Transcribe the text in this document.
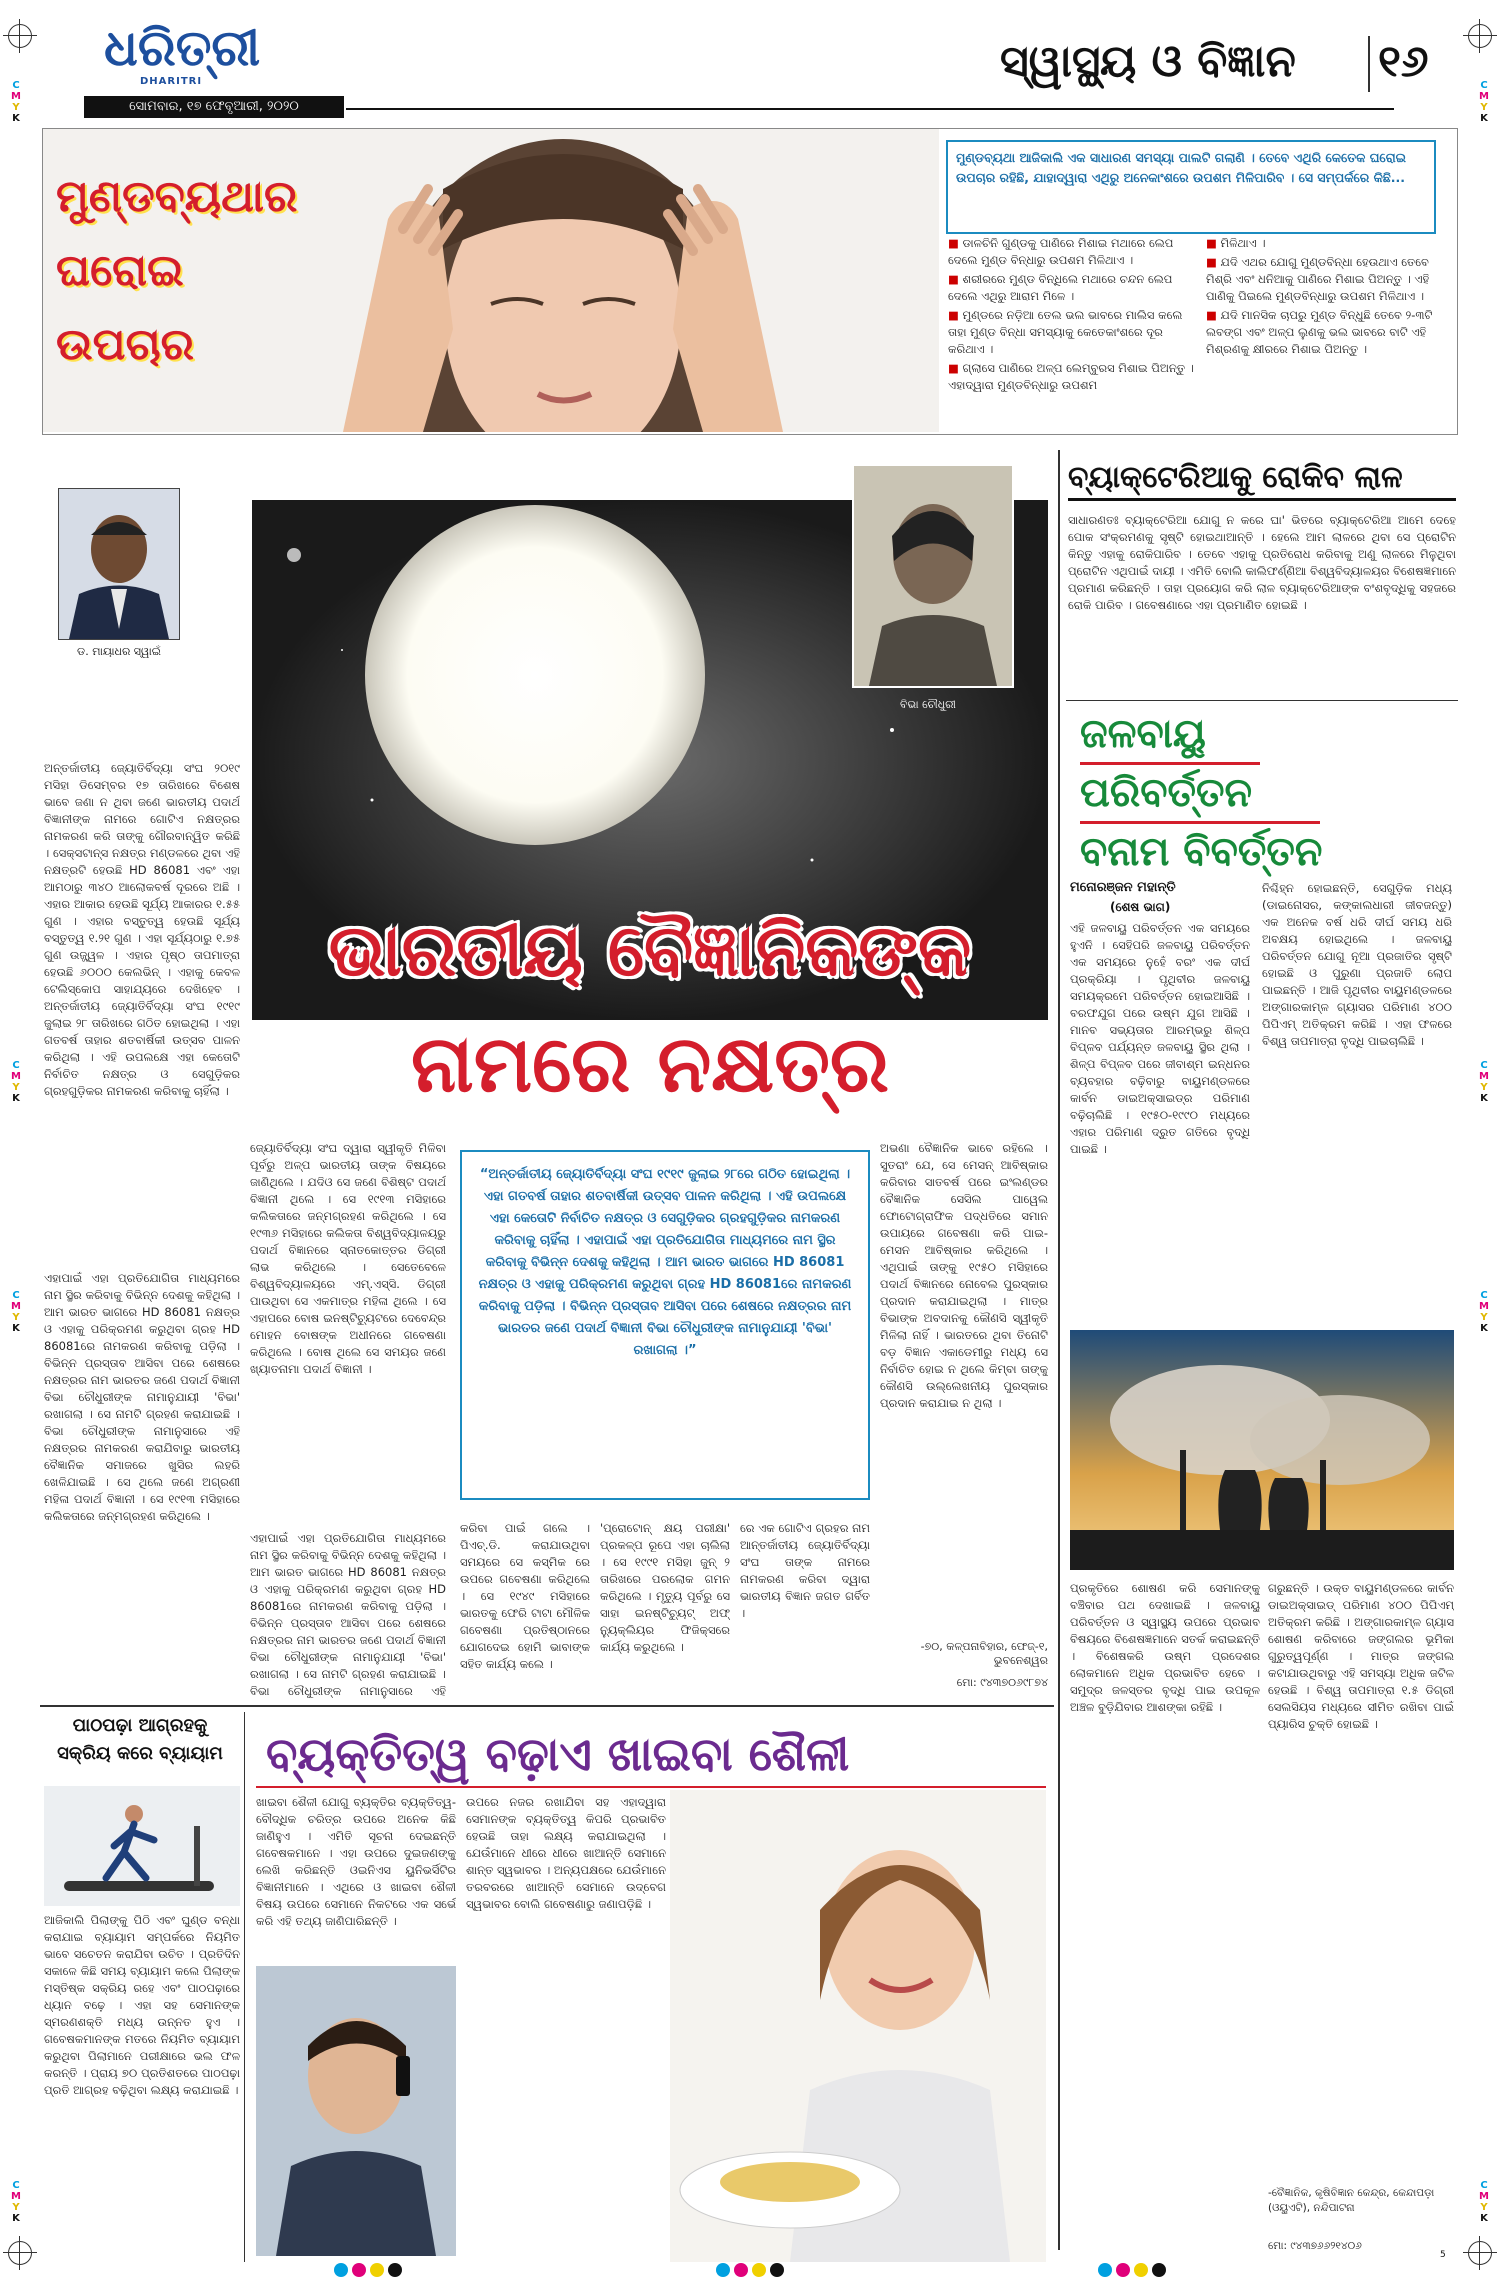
C
M
Y
K
C
M
Y
K
C
M
Y
K
C
M
Y
K
C
M
Y
K
C
M
Y
K
C
M
Y
K
C
M
Y
K
ଧରିତ୍ରୀ
DHARITRI
ସୋମବାର, ୧୭ ଫେବୃଆରୀ, ୨୦୨୦
ସ୍ୱାସ୍ଥ୍ୟ ଓ ବିଜ୍ଞାନ ୧୬
ମୁଣ୍ଡବ୍ୟଥାର
ଘରୋଇ
ଉପଚାର
ମୁଣ୍ଡବ୍ୟଥା ଆଜିକାଲି ଏକ ସାଧାରଣ ସମସ୍ୟା ପାଲଟି ଗଲାଣି । ତେବେ ଏଥିରି କେତେକ ଘରୋଇ ଉପଚାର ରହିଛି, ଯାହାଦ୍ୱାରା ଏଥିରୁ ଅନେକାଂଶରେ ଉପଶମ ମିଳିପାରିବ । ସେ ସମ୍ପର୍କରେ କିଛି...
■ ଡାଳଚିନି ଗୁଣ୍ଡକୁ ପାଣିରେ ମିଶାଇ ମଥାରେ ଲେପ ଦେଲେ ମୁଣ୍ଡ ବିନ୍ଧାରୁ ଉପଶମ ମିଳିଥାଏ ।
■ ଶରୀରରେ ମୁଣ୍ଡ ବିନ୍ଧିଲେ ମଥାରେ ଚନ୍ଦନ ଲେପ ଦେଲେ ଏଥିରୁ ଆରାମ ମିଳେ ।
■ ମୁଣ୍ଡରେ ନଡ଼ିଆ ତେଲ ଭଲ ଭାବରେ ମାଲିସ କଲେ ତାହା ମୁଣ୍ଡ ବିନ୍ଧା ସମସ୍ୟାକୁ କେତେକାଂଶରେ ଦୂର କରିଥାଏ ।
■ ଗ୍ଲାସେ ପାଣିରେ ଅଳ୍ପ ଲେମ୍ବୁରସ ମିଶାଇ ପିଅନ୍ତୁ । ଏହାଦ୍ୱାରା ମୁଣ୍ଡବିନ୍ଧାରୁ ଉପଶମ
■ ମିଳିଥାଏ ।
■ ଯଦି ଏଥର ଯୋଗୁ ମୁଣ୍ଡବିନ୍ଧା ହେଉଥାଏ ତେବେ ମିଶ୍ରି ଏବଂ ଧନିଆକୁ ପାଣିରେ ମିଶାଇ ପିଅନ୍ତୁ । ଏହି ପାଣିକୁ ପିଇଲେ ମୁଣ୍ଡବିନ୍ଧାରୁ ଉପଶମ ମିଳିଥାଏ ।
■ ଯଦି ମାନସିକ ଚାପରୁ ମୁଣ୍ଡ ବିନ୍ଧୁଛି ତେବେ ୨-୩ଟି ଲବଙ୍ଗ ଏବଂ ଅଳ୍ପ ଲୁଣକୁ ଭଲ ଭାବରେ ବାଟି ଏହି ମିଶ୍ରଣକୁ କ୍ଷୀରରେ ମିଶାଇ ପିଅନ୍ତୁ ।
ଡ. ମାୟାଧର ସ୍ୱାଇଁ
ବିଭା ଚୌଧୁରୀ
ଭାରତୀୟ ବୈଜ୍ଞାନିକଙ୍କ
ନାମରେ ନକ୍ଷତ୍ର
ଅନ୍ତର୍ଜାତୀୟ ଜ୍ୟୋତିର୍ବିଦ୍ୟା ସଂଘ ୨୦୧୯ ମସିହା ଡିସେମ୍ବର ୧୭ ତାରିଖରେ ବିଶେଷ ଭାବେ ଜଣା ନ ଥିବା ଜଣେ ଭାରତୀୟ ପଦାର୍ଥ ବିଜ୍ଞାନୀଙ୍କ ନାମରେ ଗୋଟିଏ ନକ୍ଷତ୍ରର ନାମକରଣ କରି ତାଙ୍କୁ ଗୌରବାନ୍ୱିତ କରିଛି । ସେକ୍ସଟାନ୍ସ ନକ୍ଷତ୍ର ମଣ୍ଡଳରେ ଥିବା ଏହି ନକ୍ଷତ୍ରଟି ହେଉଛି HD 86081 ଏବଂ ଏହା ଆମଠାରୁ ୩୪୦ ଆଲୋକବର୍ଷ ଦୂରରେ ଅଛି । ଏହାର ଆକାର ହେଉଛି ସୂର୍ଯ୍ୟ ଆକାରର ୧.୫୫ ଗୁଣ । ଏହାର ବସ୍ତୁତ୍ୱ ହେଉଛି ସୂର୍ଯ୍ୟ ବସ୍ତୁତ୍ୱ ୧.୨୧ ଗୁଣ । ଏହା ସୂର୍ଯ୍ୟଠାରୁ ୧.୭୫ ଗୁଣ ଉଜ୍ଜ୍ୱଳ । ଏହାର ପୃଷ୍ଠ ତାପମାତ୍ରା ହେଉଛି ୬୦୦୦ କେଲଭିନ୍ । ଏହାକୁ କେବଳ ଟେଲିସ୍କୋପ ସାହାଯ୍ୟରେ ଦେଖିହେବ । ଅନ୍ତର୍ଜାତୀୟ ଜ୍ୟୋତିର୍ବିଦ୍ୟା ସଂଘ ୧୯୧୯ ଜୁଲାଇ ୨୮ ତାରିଖରେ ଗଠିତ ହୋଇଥିଲା । ଏହା ଗତବର୍ଷ ତାହାର ଶତବାର୍ଷିକୀ ଉତ୍ସବ ପାଳନ କରିଥିଲା । ଏହି ଉପଲକ୍ଷେ ଏହା କେତୋଟି ନିର୍ବାଚିତ ନକ୍ଷତ୍ର ଓ ସେଗୁଡ଼ିକର ଗ୍ରହଗୁଡ଼ିକର ନାମକରଣ କରିବାକୁ ଚାହିଁଲା ।
ଏହାପାଇଁ ଏହା ପ୍ରତିଯୋଗିତା ମାଧ୍ୟମରେ ନାମ ସ୍ଥିର କରିବାକୁ ବିଭିନ୍ନ ଦେଶକୁ କହିଥିଲା । ଆମ ଭାରତ ଭାଗରେ HD 86081 ନକ୍ଷତ୍ର ଓ ଏହାକୁ ପରିକ୍ରମଣ କରୁଥିବା ଗ୍ରହ HD 86081ରେ ନାମକରଣ କରିବାକୁ ପଡ଼ିଲା । ବିଭିନ୍ନ ପ୍ରସ୍ତାବ ଆସିବା ପରେ ଶେଷରେ ନକ୍ଷତ୍ରର ନାମ ଭାରତର ଜଣେ ପଦାର୍ଥ ବିଜ୍ଞାନୀ ବିଭା ଚୌଧୁରୀଙ୍କ ନାମାନୁଯାୟୀ 'ବିଭା' ରଖାଗଲା । ସେ ନାମଟି ଗ୍ରହଣ କରାଯାଇଛି । ବିଭା ଚୌଧୁରୀଙ୍କ ନାମାନୁସାରେ ଏହି ନକ୍ଷତ୍ରର ନାମକରଣ କରାଯିବାରୁ ଭାରତୀୟ ବୈଜ୍ଞାନିକ ସମାଜରେ ଖୁସିର ଲହରି ଖେଳିଯାଇଛି । ସେ ଥିଲେ ଜଣେ ଅଗ୍ରଣୀ ମହିଳା ପଦାର୍ଥ ବିଜ୍ଞାନୀ । ସେ ୧୯୧୩ ମସିହାରେ କଲିକତାରେ ଜନ୍ମଗ୍ରହଣ କରିଥିଲେ ।
ଜ୍ୟୋତିର୍ବିଦ୍ୟା ସଂଘ ଦ୍ୱାରା ସ୍ୱୀକୃତି ମିଳିବା ପୂର୍ବରୁ ଅଳ୍ପ ଭାରତୀୟ ତାଙ୍କ ବିଷୟରେ ଜାଣିଥିଲେ । ଯଦିଓ ସେ ଜଣେ ବିଶିଷ୍ଟ ପଦାର୍ଥ ବିଜ୍ଞାନୀ ଥିଲେ । ସେ ୧୯୧୩ ମସିହାରେ କଲିକତାରେ ଜନ୍ମଗ୍ରହଣ କରିଥିଲେ । ସେ ୧୯୩୬ ମସିହାରେ କଲିକତା ବିଶ୍ୱବିଦ୍ୟାଳୟରୁ ପଦାର୍ଥ ବିଜ୍ଞାନରେ ସ୍ନାତକୋତ୍ତର ଡିଗ୍ରୀ ଲାଭ କରିଥିଲେ । ସେତେବେଳେ ବିଶ୍ୱବିଦ୍ୟାଳୟରେ ଏମ୍.ଏସ୍‌ସି. ଡିଗ୍ରୀ ପାଉଥିବା ସେ ଏକମାତ୍ର ମହିଳା ଥିଲେ । ସେ ଏହାପରେ ବୋଷ ଇନଷ୍ଟିଚ୍ୟୁଟରେ ଦେବେନ୍ଦ୍ର ମୋହନ ବୋଷଙ୍କ ଅଧୀନରେ ଗବେଷଣା କରିଥିଲେ । ବୋଷ ଥିଲେ ସେ ସମୟର ଜଣେ ଖ୍ୟାତନାମା ପଦାର୍ଥ ବିଜ୍ଞାନୀ ।
ଏହାପାଇଁ ଏହା ପ୍ରତିଯୋଗିତା ମାଧ୍ୟମରେ ନାମ ସ୍ଥିର କରିବାକୁ ବିଭିନ୍ନ ଦେଶକୁ କହିଥିଲା । ଆମ ଭାରତ ଭାଗରେ HD 86081 ନକ୍ଷତ୍ର ଓ ଏହାକୁ ପରିକ୍ରମଣ କରୁଥିବା ଗ୍ରହ HD 86081ରେ ନାମକରଣ କରିବାକୁ ପଡ଼ିଲା । ବିଭିନ୍ନ ପ୍ରସ୍ତାବ ଆସିବା ପରେ ଶେଷରେ ନକ୍ଷତ୍ରର ନାମ ଭାରତର ଜଣେ ପଦାର୍ଥ ବିଜ୍ଞାନୀ ବିଭା ଚୌଧୁରୀଙ୍କ ନାମାନୁଯାୟୀ 'ବିଭା' ରଖାଗଲା । ସେ ନାମଟି ଗ୍ରହଣ କରାଯାଇଛି । ବିଭା ଚୌଧୁରୀଙ୍କ ନାମାନୁସାରେ ଏହି
“ଅନ୍ତର୍ଜାତୀୟ ଜ୍ୟୋତିର୍ବିଦ୍ୟା ସଂଘ ୧୯୧୯ ଜୁଲାଇ ୨୮ରେ ଗଠିତ ହୋଇଥିଲା । ଏହା ଗତବର୍ଷ ତାହାର ଶତବାର୍ଷିକୀ ଉତ୍ସବ ପାଳନ କରିଥିଲା । ଏହି ଉପଲକ୍ଷେ ଏହା କେତୋଟି ନିର୍ବାଚିତ ନକ୍ଷତ୍ର ଓ ସେଗୁଡ଼ିକର ଗ୍ରହଗୁଡ଼ିକର ନାମକରଣ କରିବାକୁ ଚାହିଁଲା । ଏହାପାଇଁ ଏହା ପ୍ରତିଯୋଗିତା ମାଧ୍ୟମରେ ନାମ ସ୍ଥିର କରିବାକୁ ବିଭିନ୍ନ ଦେଶକୁ କହିଥିଲା । ଆମ ଭାରତ ଭାଗରେ HD 86081 ନକ୍ଷତ୍ର ଓ ଏହାକୁ ପରିକ୍ରମଣ କରୁଥିବା ଗ୍ରହ HD 86081ରେ ନାମକରଣ କରିବାକୁ ପଡ଼ିଲା । ବିଭିନ୍ନ ପ୍ରସ୍ତାବ ଆସିବା ପରେ ଶେଷରେ ନକ୍ଷତ୍ରର ନାମ ଭାରତର ଜଣେ ପଦାର୍ଥ ବିଜ୍ଞାନୀ ବିଭା ଚୌଧୁରୀଙ୍କ ନାମାନୁଯାୟୀ 'ବିଭା' ରଖାଗଲା ।”
ଅଭଣା ବୈଜ୍ଞାନିକ ଭାବେ ରହିଲେ । ସୁତରାଂ ଯେ, ସେ ମେସନ୍ ଆବିଷ୍କାର କରିବାର ସାତବର୍ଷ ପରେ ଇଂଲଣ୍ଡର ବୈଜ୍ଞାନିକ ସେସିଲ ପାୱେଲ ଫୋଟୋଗ୍ରାଫିକ ପଦ୍ଧତିରେ ସମାନ ଉପାୟରେ ଗବେଷଣା କରି ପାଇ-ମେସନ ଆବିଷ୍କାର କରିଥିଲେ । ଏଥିପାଇଁ ତାଙ୍କୁ ୧୯୫୦ ମସିହାରେ ପଦାର୍ଥ ବିଜ୍ଞାନରେ ନୋବେଲ ପୁରସ୍କାର ପ୍ରଦାନ କରାଯାଇଥିଲା । ମାତ୍ର ବିଭାଙ୍କ ଅବଦାନକୁ କୌଣସି ସ୍ୱୀକୃତି ମିଳିଲା ନାହିଁ । ଭାରତରେ ଥିବା ତିନୋଟି ବଡ଼ ବିଜ୍ଞାନ ଏକାଡେମୀରୁ ମଧ୍ୟ ସେ ନିର୍ବାଚିତ ହୋଇ ନ ଥିଲେ କିମ୍ବା ତାଙ୍କୁ କୌଣସି ଉଲ୍ଲେଖନୀୟ ପୁରସ୍କାର ପ୍ରଦାନ କରାଯାଇ ନ ଥିଲା ।
କରିବା ପାଇଁ ଗଲେ । ପିଏଚ୍.ଡି. କରାଯାଉଥିବା ସମୟରେ ସେ କସ୍ମିକ ରେ ଉପରେ ଗବେଷଣା କରିଥିଲେ । ସେ ୧୯୪୯ ମସିହାରେ ଭାରତକୁ ଫେରି ଟାଟା ମୌଳିକ ଗବେଷଣା ପ୍ରତିଷ୍ଠାନରେ ଯୋଗଦେଇ ହୋମି ଭାବାଙ୍କ ସହିତ କାର୍ଯ୍ୟ କଲେ ।
'ପ୍ରୋଟୋନ୍ କ୍ଷୟ ପରୀକ୍ଷା' ପ୍ରକଳ୍ପ ରୂପେ ଏହା ଚାଲିଲା । ସେ ୧୯୯୧ ମସିହା ଜୁନ୍ ୨ ତାରିଖରେ ପରଲୋକ ଗମନ କରିଥିଲେ । ମୃତ୍ୟୁ ପୂର୍ବରୁ ସେ ସାହା ଇନଷ୍ଟିଚ୍ୟୁଟ୍ ଅଫ୍ ନ୍ୟୁକ୍ଲିୟର ଫିଜିକ୍ସରେ କାର୍ଯ୍ୟ କରୁଥିଲେ ।
ରେ ଏକ ଗୋଟିଏ ଗ୍ରହର ନାମ ଆନ୍ତର୍ଜାତୀୟ ଜ୍ୟୋତିର୍ବିଦ୍ୟା ସଂଘ ତାଙ୍କ ନାମରେ ନାମକରଣ କରିବା ଦ୍ୱାରା ଭାରତୀୟ ବିଜ୍ଞାନ ଜଗତ ଗର୍ବିତ ।
-୭୦, କଳ୍ପନାବିହାର, ଫେଜ୍-୧, ଭୁବନେଶ୍ୱର
ମୋ: ୯୪୩୭୦୬୯୮୭୪
ବ୍ୟାକ୍ଟେରିଆକୁ ରୋକିବ ଲାଳ
ସାଧାରଣତଃ ବ୍ୟାକ୍ଟେରିଆ ଯୋଗୁ ନ କରେ ଘା' ଭିତରେ ବ୍ୟାକ୍ଟେରିଆ ଆମେ ଦେହେ ପୋକ ସଂକ୍ରମଣକୁ ସୃଷ୍ଟି ହୋଇଥାଆନ୍ତି । ହେଲେ ଆମ ଲାଳରେ ଥିବା ସେ ପ୍ରୋଟିନ କିନ୍ତୁ ଏହାକୁ ରୋକିପାରିବ । ତେବେ ଏହାକୁ ପ୍ରତିରୋଧ କରିବାକୁ ଅଣୁ ଲାଳରେ ମିଳୁଥିବା ପ୍ରୋଟିନ ଏଥିପାଇଁ ଦାୟୀ । ଏମିତି ବୋଲି କାଲିଫର୍ଣ୍ଣିଆ ବିଶ୍ୱବିଦ୍ୟାଳୟର ବିଶେଷଜ୍ଞମାନେ ପ୍ରମାଣ କରିଛନ୍ତି । ତାହା ପ୍ରୟୋଗ କରି ଲାଳ ବ୍ୟାକ୍ଟେରିଆଙ୍କ ବଂଶବୃଦ୍ଧିକୁ ସହଜରେ ରୋକି ପାରିବ । ଗବେଷଣାରେ ଏହା ପ୍ରମାଣିତ ହୋଇଛି ।
ଜଳବାୟୁ
ପରିବର୍ତ୍ତନ
ବନାମ ବିବର୍ତ୍ତନ
ମନୋରଞ୍ଜନ ମହାନ୍ତି
(ଶେଷ ଭାଗ)
ଏହି ଜଳବାୟୁ ପରିବର୍ତ୍ତନ ଏକ ସମୟରେ ହୁଏନି । ସେହିପରି ଜଳବାୟୁ ପରିବର୍ତ୍ତନ ଏକ ସମୟରେ ନୁହେଁ ବରଂ ଏକ ଦୀର୍ଘ ପ୍ରକ୍ରିୟା । ପୃଥିବୀର ଜଳବାୟୁ ସମୟକ୍ରମେ ପରିବର୍ତ୍ତନ ହୋଇଆସିଛି । ବରଫଯୁଗ ପରେ ଉଷ୍ମ ଯୁଗ ଆସିଛି । ମାନବ ସଭ୍ୟତାର ଆରମ୍ଭରୁ ଶିଳ୍ପ ବିପ୍ଳବ ପର୍ଯ୍ୟନ୍ତ ଜଳବାୟୁ ସ୍ଥିର ଥିଲା । ଶିଳ୍ପ ବିପ୍ଳବ ପରେ ଜୀବାଶ୍ମ ଇନ୍ଧନର ବ୍ୟବହାର ବଢ଼ିବାରୁ ବାୟୁମଣ୍ଡଳରେ କାର୍ବନ ଡାଇଅକ୍ସାଇଡ୍‌ର ପରିମାଣ ବଢ଼ିଚାଲିଛି । ୧୯୫୦-୧୯୯୦ ମଧ୍ୟରେ ଏହାର ପରିମାଣ ଦ୍ରୁତ ଗତିରେ ବୃଦ୍ଧି ପାଇଛି ।
ନିଶ୍ଚିହ୍ନ ହୋଇଛନ୍ତି, ସେଗୁଡ଼ିକ ମଧ୍ୟ (ଡାଇନୋସର, କଙ୍କାଲଧାରୀ ଜୀବଜନ୍ତୁ) ଏକ ଅନେକ ବର୍ଷ ଧରି ଦୀର୍ଘ ସମୟ ଧରି ଅବକ୍ଷୟ ହୋଇଥିଲେ । ଜଳବାୟୁ ପରିବର୍ତ୍ତନ ଯୋଗୁ ନୂଆ ପ୍ରଜାତିର ସୃଷ୍ଟି ହୋଇଛି ଓ ପୁରୁଣା ପ୍ରଜାତି ଲୋପ ପାଇଛନ୍ତି । ଆଜି ପୃଥିବୀର ବାୟୁମଣ୍ଡଳରେ ଅଙ୍ଗାରକାମ୍ଳ ଗ୍ୟାସର ପରିମାଣ ୪୦୦ ପିପିଏମ୍ ଅତିକ୍ରମ କରିଛି । ଏହା ଫଳରେ ବିଶ୍ୱ ତାପମାତ୍ରା ବୃଦ୍ଧି ପାଇଚାଲିଛି ।
ପ୍ରକୃତିରେ ଶୋଷଣ କରି ସେମାନଙ୍କୁ ବଞ୍ଚିବାର ପଥ ଦେଖାଇଛି । ଜଳବାୟୁ ପରିବର୍ତ୍ତନ ଓ ସ୍ୱାସ୍ଥ୍ୟ ଉପରେ ପ୍ରଭାବ ବିଷୟରେ ବିଶେଷଜ୍ଞମାନେ ସତର୍କ କରାଇଛନ୍ତି । ବିଶେଷକରି ଉଷ୍ମ ପ୍ରଦେଶର ଲୋକମାନେ ଅଧିକ ପ୍ରଭାବିତ ହେବେ । ସମୁଦ୍ର ଜଳସ୍ତର ବୃଦ୍ଧି ପାଇ ଉପକୂଳ ଅଞ୍ଚଳ ବୁଡ଼ିଯିବାର ଆଶଙ୍କା ରହିଛି ।
ଗରୁଛନ୍ତି । ଉକ୍ତ ବାୟୁମଣ୍ଡଳରେ କାର୍ବନ ଡାଇଅକ୍ସାଇଡ୍ ପରିମାଣ ୪୦୦ ପିପିଏମ୍ ଅତିକ୍ରମ କରିଛି । ଅଙ୍ଗାରକାମ୍ଳ ଗ୍ୟାସ ଶୋଷଣ କରିବାରେ ଜଙ୍ଗଲର ଭୂମିକା ଗୁରୁତ୍ୱପୂର୍ଣ୍ଣ । ମାତ୍ର ଜଙ୍ଗଲ କଟାଯାଉଥିବାରୁ ଏହି ସମସ୍ୟା ଅଧିକ ଜଟିଳ ହେଉଛି । ବିଶ୍ୱ ତାପମାତ୍ରା ୧.୫ ଡିଗ୍ରୀ ସେଲସିୟସ ମଧ୍ୟରେ ସୀମିତ ରଖିବା ପାଇଁ ପ୍ୟାରିସ ଚୁକ୍ତି ହୋଇଛି ।
-ବୈଜ୍ଞାନିକ, କୃଷିବିଜ୍ଞାନ କେନ୍ଦ୍ର, କେନ୍ଦାପଡ଼ା (ଓୟୁଏଟି), ନନ୍ଦିପାଟନା
ମୋ: ୯୪୩୭୬୬୨୧୪୦୬
ପାଠପଢ଼ା ଆଗ୍ରହକୁ
ସକ୍ରିୟ କରେ ବ୍ୟାୟାମ
ଆଜିକାଲି ପିଲାଙ୍କୁ ପିଠି ଏବଂ ଘୁଣ୍ଡ ବନ୍ଧା କରାଯାଇ ବ୍ୟାୟାମ ସମ୍ପର୍କରେ ନିୟମିତ ଭାବେ ସଚେତନ କରାଯିବା ଉଚିତ । ପ୍ରତିଦିନ ସକାଳେ କିଛି ସମୟ ବ୍ୟାୟାମ କଲେ ପିଲାଙ୍କ ମସ୍ତିଷ୍କ ସକ୍ରିୟ ରହେ ଏବଂ ପାଠପଢ଼ାରେ ଧ୍ୟାନ ବଢ଼େ । ଏହା ସହ ସେମାନଙ୍କ ସ୍ମରଣଶକ୍ତି ମଧ୍ୟ ଉନ୍ନତ ହୁଏ । ଗବେଷକମାନଙ୍କ ମତରେ ନିୟମିତ ବ୍ୟାୟାମ କରୁଥିବା ପିଲାମାନେ ପରୀକ୍ଷାରେ ଭଲ ଫଳ କରନ୍ତି । ପ୍ରାୟ ୭୦ ପ୍ରତିଶତରେ ପାଠପଢ଼ା ପ୍ରତି ଆଗ୍ରହ ବଢ଼ିଥିବା ଲକ୍ଷ୍ୟ କରାଯାଇଛି ।
ବ୍ୟକ୍ତିତ୍ୱ ବଢ଼ାଏ ଖାଇବା ଶୈଳୀ
ଖାଇବା ଶୈଳୀ ଯୋଗୁ ବ୍ୟକ୍ତିର ବ୍ୟକ୍ତିତ୍ୱ-ବୌଦ୍ଧିକ ଚରିତ୍ର ଉପରେ ଅନେକ କିଛି ଜାଣିହୁଏ । ଏମିତି ସୂଚନା ଦେଇଛନ୍ତି ଗବେଷକମାନେ । ଏହା ଉପରେ ଦୁଇଜଣଙ୍କୁ ଲେଖି କରିଛନ୍ତି ଓଇନିଏସ ୟୁନିଭର୍ସିଟିର ବିଜ୍ଞାନୀମାନେ । ଏଥିରେ ଓ ଖାଇବା ଶୈଳୀ ବିଷୟ ଉପରେ ସେମାନେ ନିକଟରେ ଏକ ସର୍ଭେ କରି ଏହି ତଥ୍ୟ ଜାଣିପାରିଛନ୍ତି ।
ଉପରେ ନଜର ରଖାଯିବା ସହ ଏହାଦ୍ୱାରା ସେମାନଙ୍କ ବ୍ୟକ୍ତିତ୍ୱ କିପରି ପ୍ରଭାବିତ ହେଉଛି ତାହା ଲକ୍ଷ୍ୟ କରାଯାଇଥିଲା । ଯେଉଁମାନେ ଧୀରେ ଧୀରେ ଖାଆନ୍ତି ସେମାନେ ଶାନ୍ତ ସ୍ୱଭାବର । ଅନ୍ୟପକ୍ଷରେ ଯେଉଁମାନେ ତରବରରେ ଖାଆନ୍ତି ସେମାନେ ଉଦ୍‌ବେଗ ସ୍ୱଭାବର ବୋଲି ଗବେଷଣାରୁ ଜଣାପଡ଼ିଛି ।

5
